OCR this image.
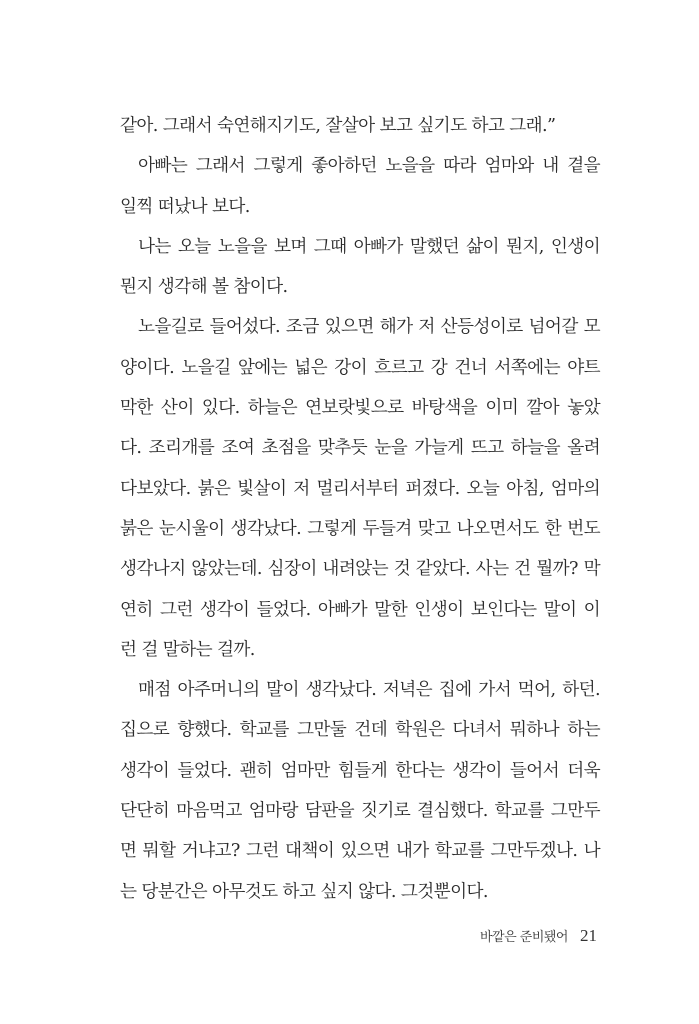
같아. 그래서 숙연해지기도, 잘살아 보고 싶기도 하고 그래.”
아빠는 그래서 그렇게 좋아하던 노을을 따라 엄마와 내 곁을
일찍 떠났나 보다.
나는 오늘 노을을 보며 그때 아빠가 말했던 삶이 뭔지, 인생이
뭔지 생각해 볼 참이다.
노을길로 들어섰다. 조금 있으면 해가 저 산등성이로 넘어갈 모
양이다. 노을길 앞에는 넓은 강이 흐르고 강 건너 서쪽에는 야트
막한 산이 있다. 하늘은 연보랏빛으로 바탕색을 이미 깔아 놓았
다. 조리개를 조여 초점을 맞추듯 눈을 가늘게 뜨고 하늘을 올려
다보았다. 붉은 빛살이 저 멀리서부터 퍼졌다. 오늘 아침, 엄마의
붉은 눈시울이 생각났다. 그렇게 두들겨 맞고 나오면서도 한 번도
생각나지 않았는데. 심장이 내려앉는 것 같았다. 사는 건 뭘까? 막
연히 그런 생각이 들었다. 아빠가 말한 인생이 보인다는 말이 이
런 걸 말하는 걸까.
매점 아주머니의 말이 생각났다. 저녁은 집에 가서 먹어, 하던.
집으로 향했다. 학교를 그만둘 건데 학원은 다녀서 뭐하나 하는
생각이 들었다. 괜히 엄마만 힘들게 한다는 생각이 들어서 더욱
단단히 마음먹고 엄마랑 담판을 짓기로 결심했다. 학교를 그만두
면 뭐할 거냐고? 그런 대책이 있으면 내가 학교를 그만두겠나. 나
는 당분간은 아무것도 하고 싶지 않다. 그것뿐이다.
바깥은 준비됐어 21
